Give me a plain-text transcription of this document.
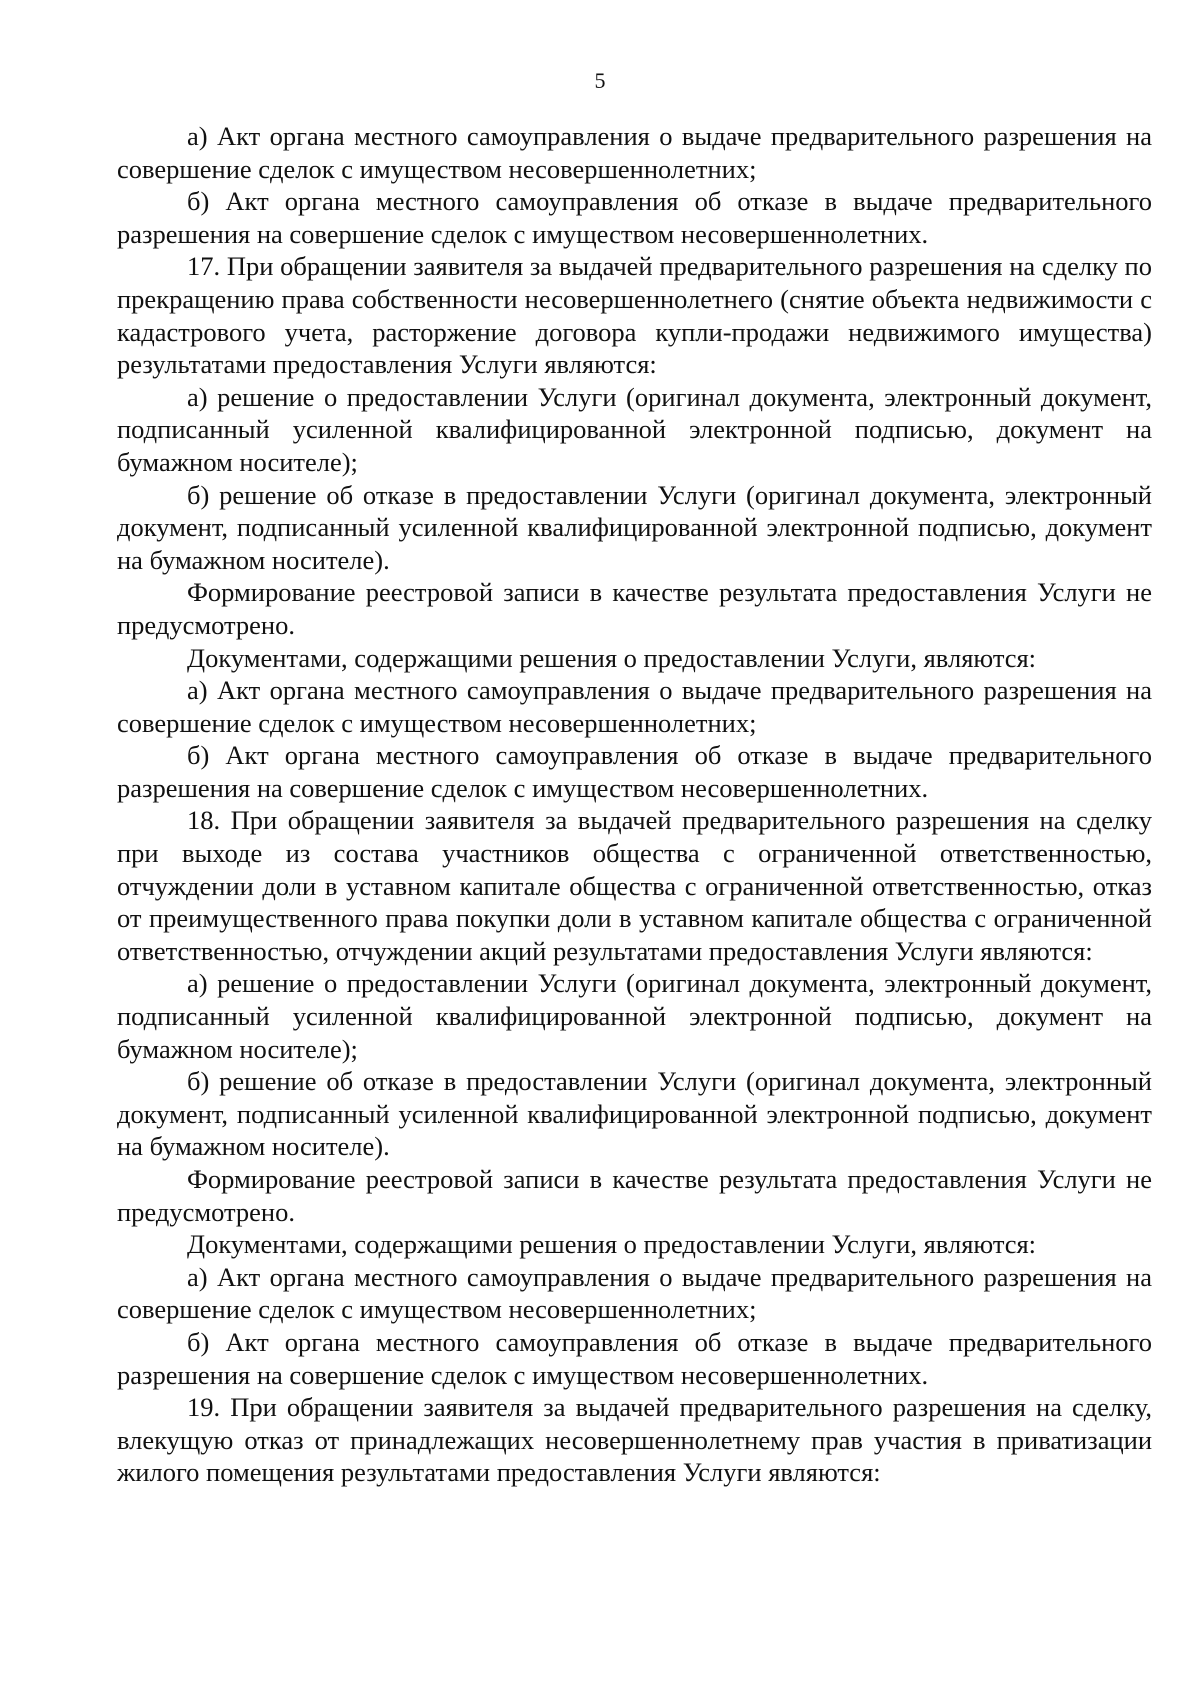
5

а) Акт органа местного самоуправления о выдаче предварительного разрешения на совершение сделок с имуществом несовершеннолетних;

б) Акт органа местного самоуправления об отказе в выдаче предварительного разрешения на совершение сделок с имуществом несовершеннолетних.

17. При обращении заявителя за выдачей предварительного разрешения на сделку по прекращению права собственности несовершеннолетнего (снятие объекта недвижимости с кадастрового учета, расторжение договора купли-продажи недвижимого имущества) результатами предоставления Услуги являются:

а) решение о предоставлении Услуги (оригинал документа, электронный документ, подписанный усиленной квалифицированной электронной подписью, документ на бумажном носителе);

б) решение об отказе в предоставлении Услуги (оригинал документа, электронный документ, подписанный усиленной квалифицированной электронной подписью, документ на бумажном носителе).

Формирование реестровой записи в качестве результата предоставления Услуги не предусмотрено.

Документами, содержащими решения о предоставлении Услуги, являются:

а) Акт органа местного самоуправления о выдаче предварительного разрешения на совершение сделок с имуществом несовершеннолетних;

б) Акт органа местного самоуправления об отказе в выдаче предварительного разрешения на совершение сделок с имуществом несовершеннолетних.

18. При обращении заявителя за выдачей предварительного разрешения на сделку при выходе из состава участников общества с ограниченной ответственностью, отчуждении доли в уставном капитале общества с ограниченной ответственностью, отказ от преимущественного права покупки доли в уставном капитале общества с ограниченной ответственностью, отчуждении акций результатами предоставления Услуги являются:

а) решение о предоставлении Услуги (оригинал документа, электронный документ, подписанный усиленной квалифицированной электронной подписью, документ на бумажном носителе);

б) решение об отказе в предоставлении Услуги (оригинал документа, электронный документ, подписанный усиленной квалифицированной электронной подписью, документ на бумажном носителе).

Формирование реестровой записи в качестве результата предоставления Услуги не предусмотрено.

Документами, содержащими решения о предоставлении Услуги, являются:

а) Акт органа местного самоуправления о выдаче предварительного разрешения на совершение сделок с имуществом несовершеннолетних;

б) Акт органа местного самоуправления об отказе в выдаче предварительного разрешения на совершение сделок с имуществом несовершеннолетних.

19. При обращении заявителя за выдачей предварительного разрешения на сделку, влекущую отказ от принадлежащих несовершеннолетнему прав участия в приватизации жилого помещения результатами предоставления Услуги являются:
